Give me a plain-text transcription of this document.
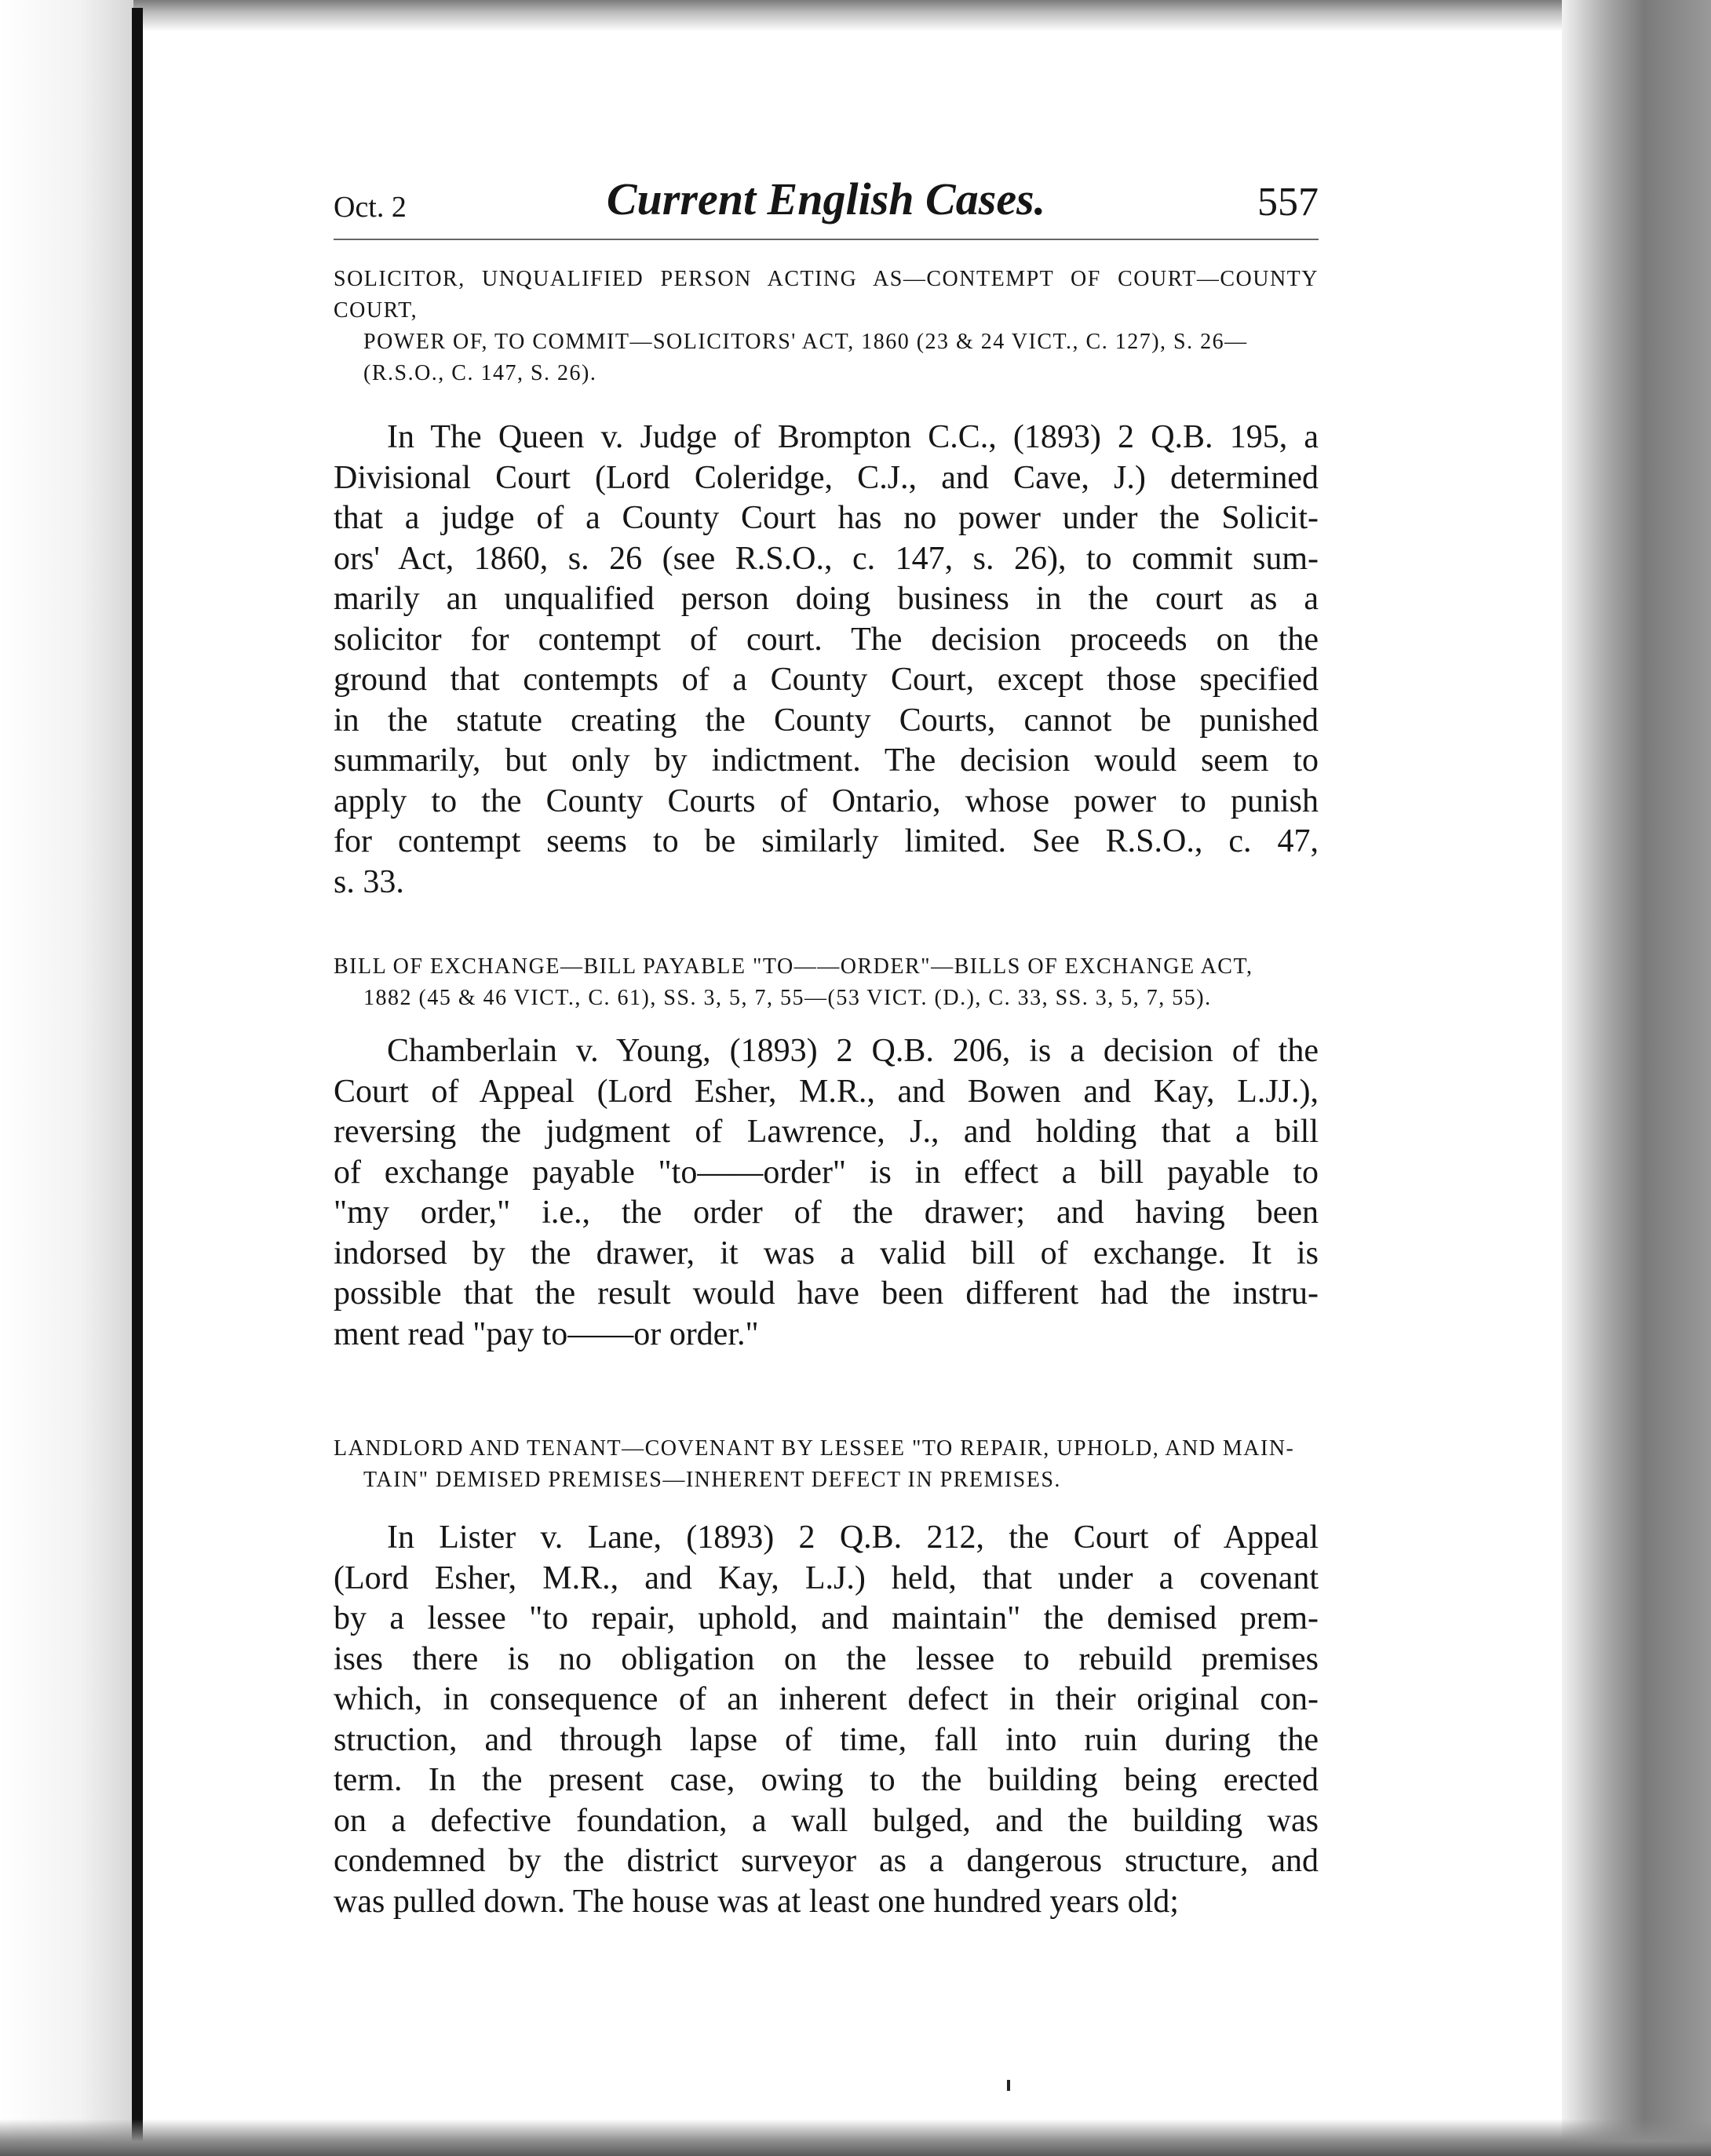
Oct. 2	Current English Cases.	557
SOLICITOR, UNQUALIFIED PERSON ACTING AS—CONTEMPT OF COURT—COUNTY COURT,
POWER OF, TO COMMIT—SOLICITORS' ACT, 1860 (23 & 24 VICT., C. 127), S. 26—
(R.S.O., C. 147, S. 26).
In The Queen v. Judge of Brompton C.C., (1893) 2 Q.B. 195, a
Divisional Court (Lord Coleridge, C.J., and Cave, J.) determined
that a judge of a County Court has no power under the Solicit-
ors' Act, 1860, s. 26 (see R.S.O., c. 147, s. 26), to commit sum-
marily an unqualified person doing business in the court as a
solicitor for contempt of court. The decision proceeds on the
ground that contempts of a County Court, except those specified
in the statute creating the County Courts, cannot be punished
summarily, but only by indictment. The decision would seem to
apply to the County Courts of Ontario, whose power to punish
for contempt seems to be similarly limited. See R.S.O., c. 47,
s. 33.
BILL OF EXCHANGE—BILL PAYABLE "TO——ORDER"—BILLS OF EXCHANGE ACT,
1882 (45 & 46 VICT., C. 61), SS. 3, 5, 7, 55—(53 VICT. (D.), C. 33, SS. 3, 5, 7, 55).
Chamberlain v. Young, (1893) 2 Q.B. 206, is a decision of the
Court of Appeal (Lord Esher, M.R., and Bowen and Kay, L.JJ.),
reversing the judgment of Lawrence, J., and holding that a bill
of exchange payable "to——order" is in effect a bill payable to
"my order," i.e., the order of the drawer; and having been
indorsed by the drawer, it was a valid bill of exchange. It is
possible that the result would have been different had the instru-
ment read "pay to——or order."
LANDLORD AND TENANT—COVENANT BY LESSEE "TO REPAIR, UPHOLD, AND MAIN-
TAIN" DEMISED PREMISES—INHERENT DEFECT IN PREMISES.
In Lister v. Lane, (1893) 2 Q.B. 212, the Court of Appeal
(Lord Esher, M.R., and Kay, L.J.) held, that under a covenant
by a lessee "to repair, uphold, and maintain" the demised prem-
ises there is no obligation on the lessee to rebuild premises
which, in consequence of an inherent defect in their original con-
struction, and through lapse of time, fall into ruin during the
term. In the present case, owing to the building being erected
on a defective foundation, a wall bulged, and the building was
condemned by the district surveyor as a dangerous structure, and
was pulled down. The house was at least one hundred years old;
